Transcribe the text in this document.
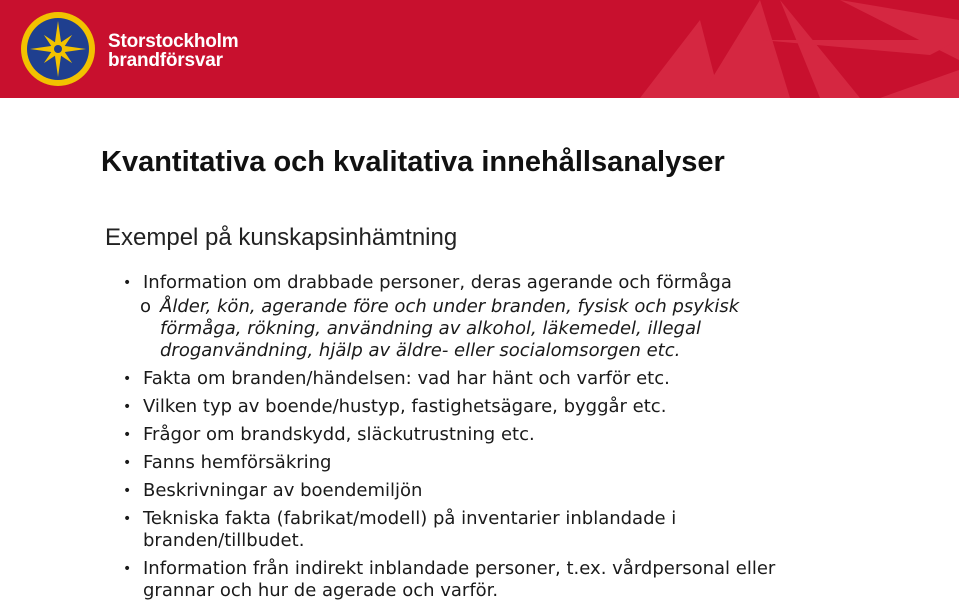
Storstockholm
brandförsvar
Kvantitativa och kvalitativa innehållsanalyser
Exempel på kunskapsinhämtning
• Information om drabbade personer, deras agerande och förmåga
o Ålder, kön, agerande före och under branden, fysisk och psykisk
förmåga, rökning, användning av alkohol, läkemedel, illegal
droganvändning, hjälp av äldre- eller socialomsorgen etc.
• Fakta om branden/händelsen: vad har hänt och varför etc.
• Vilken typ av boende/hustyp, fastighetsägare, byggår etc.
• Frågor om brandskydd, släckutrustning etc.
• Fanns hemförsäkring
• Beskrivningar av boendemiljön
• Tekniska fakta (fabrikat/modell) på inventarier inblandade i
branden/tillbudet.
• Information från indirekt inblandade personer, t.ex. vårdpersonal eller
grannar och hur de agerade och varför.
